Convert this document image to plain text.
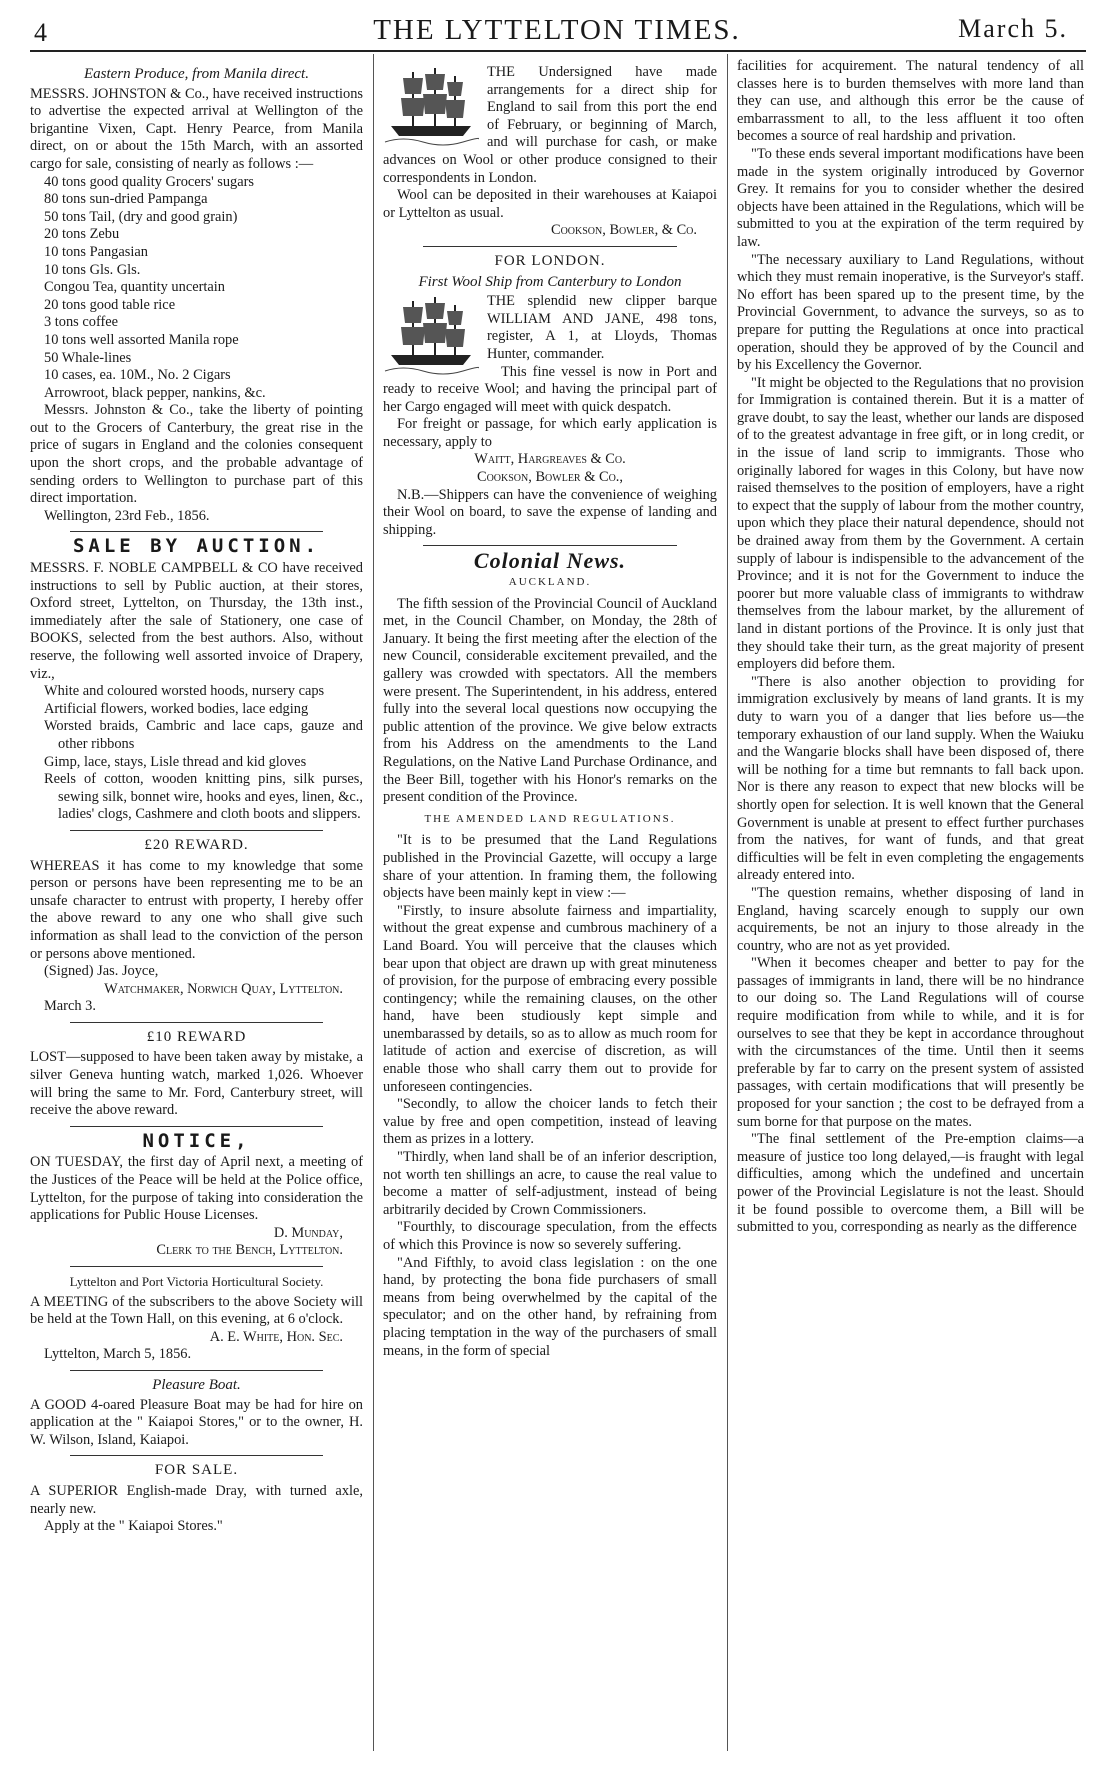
4	THE LYTTELTON TIMES.	March 5.
Eastern Produce, from Manila direct.

MESSRS. JOHNSTON & Co., have received instructions to advertise the expected arrival at Wellington of the brigantine Vixen, Capt. Henry Pearce, from Manila direct, on or about the 15th March, with an assorted cargo for sale, consisting of nearly as follows :—

40 tons good quality Grocers' sugars

80 tons sun-dried Pampanga

50 tons Tail, (dry and good grain)

20 tons Zebu

10 tons Pangasian

10 tons Gls. Gls.

Congou Tea, quantity uncertain

20 tons good table rice

3 tons coffee

10 tons well assorted Manila rope

50 Whale-lines

10 cases, ea. 10M., No. 2 Cigars

Arrowroot, black pepper, nankins, &c.

Messrs. Johnston & Co., take the liberty of pointing out to the Grocers of Canterbury, the great rise in the price of sugars in England and the colonies consequent upon the short crops, and the probable advantage of sending orders to Wellington to purchase part of this direct importation.

Wellington, 23rd Feb., 1856.

SALE BY AUCTION.

MESSRS. F. NOBLE CAMPBELL & CO have received instructions to sell by Public auction, at their stores, Oxford street, Lyttelton, on Thursday, the 13th inst., immediately after the sale of Stationery, one case of BOOKS, selected from the best authors. Also, without reserve, the following well assorted invoice of Drapery, viz.,

White and coloured worsted hoods, nursery caps

Artificial flowers, worked bodies, lace edging

Worsted braids, Cambric and lace caps, gauze and other ribbons

Gimp, lace, stays, Lisle thread and kid gloves

Reels of cotton, wooden knitting pins, silk purses, sewing silk, bonnet wire, hooks and eyes, linen, &c., ladies' clogs, Cashmere and cloth boots and slippers.

£20 REWARD.

WHEREAS it has come to my knowledge that some person or persons have been representing me to be an unsafe character to entrust with property, I hereby offer the above reward to any one who shall give such information as shall lead to the conviction of the person or persons above mentioned.

(Signed) Jas. Joyce,

Watchmaker, Norwich Quay, Lyttelton.

March 3.

£10 REWARD

LOST—supposed to have been taken away by mistake, a silver Geneva hunting watch, marked 1,026. Whoever will bring the same to Mr. Ford, Canterbury street, will receive the above reward.

NOTICE,

ON TUESDAY, the first day of April next, a meeting of the Justices of the Peace will be held at the Police office, Lyttelton, for the purpose of taking into consideration the applications for Public House Licenses.

D. Munday,

Clerk to the Bench, Lyttelton.

Lyttelton and Port Victoria Horticultural Society.

A MEETING of the subscribers to the above Society will be held at the Town Hall, on this evening, at 6 o'clock.

A. E. White, Hon. Sec.

Lyttelton, March 5, 1856.

Pleasure Boat.

A GOOD 4-oared Pleasure Boat may be had for hire on application at the " Kaiapoi Stores," or to the owner, H. W. Wilson, Island, Kaiapoi.

FOR SALE.

A SUPERIOR English-made Dray, with turned axle, nearly new.

Apply at the " Kaiapoi Stores."

THE Undersigned have made arrangements for a direct ship for England to sail from this port the end of February, or beginning of March, and will purchase for cash, or make advances on Wool or other produce consigned to their correspondents in London.

Wool can be deposited in their warehouses at Kaiapoi or Lyttelton as usual.

Cookson, Bowler, & Co.

FOR LONDON.
First Wool Ship from Canterbury to London

THE splendid new clipper barque WILLIAM AND JANE, 498 tons, register, A 1, at Lloyds, Thomas Hunter, commander.

This fine vessel is now in Port and ready to receive Wool; and having the principal part of her Cargo engaged will meet with quick despatch.

For freight or passage, for which early application is necessary, apply to

Waitt, Hargreaves & Co.

Cookson, Bowler & Co.,

N.B.—Shippers can have the convenience of weighing their Wool on board, to save the expense of landing and shipping.

Colonial News.
AUCKLAND.

The fifth session of the Provincial Council of Auckland met, in the Council Chamber, on Monday, the 28th of January. It being the first meeting after the election of the new Council, considerable excitement prevailed, and the gallery was crowded with spectators. All the members were present. The Superintendent, in his address, entered fully into the several local questions now occupying the public attention of the province. We give below extracts from his Address on the amendments to the Land Regulations, on the Native Land Purchase Ordinance, and the Beer Bill, together with his Honor's remarks on the present condition of the Province.

THE AMENDED LAND REGULATIONS.

"It is to be presumed that the Land Regulations published in the Provincial Gazette, will occupy a large share of your attention. In framing them, the following objects have been mainly kept in view :—

"Firstly, to insure absolute fairness and impartiality, without the great expense and cumbrous machinery of a Land Board. You will perceive that the clauses which bear upon that object are drawn up with great minuteness of provision, for the purpose of embracing every possible contingency; while the remaining clauses, on the other hand, have been studiously kept simple and unembarassed by details, so as to allow as much room for latitude of action and exercise of discretion, as will enable those who shall carry them out to provide for unforeseen contingencies.

"Secondly, to allow the choicer lands to fetch their value by free and open competition, instead of leaving them as prizes in a lottery.

"Thirdly, when land shall be of an inferior description, not worth ten shillings an acre, to cause the real value to become a matter of self-adjustment, instead of being arbitrarily decided by Crown Commissioners.

"Fourthly, to discourage speculation, from the effects of which this Province is now so severely suffering.

"And Fifthly, to avoid class legislation : on the one hand, by protecting the bona fide purchasers of small means from being overwhelmed by the capital of the speculator; and on the other hand, by refraining from placing temptation in the way of the purchasers of small means, in the form of special

facilities for acquirement. The natural tendency of all classes here is to burden themselves with more land than they can use, and although this error be the cause of embarrassment to all, to the less affluent it too often becomes a source of real hardship and privation.

"To these ends several important modifications have been made in the system originally introduced by Governor Grey. It remains for you to consider whether the desired objects have been attained in the Regulations, which will be submitted to you at the expiration of the term required by law.

"The necessary auxiliary to Land Regulations, without which they must remain inoperative, is the Surveyor's staff. No effort has been spared up to the present time, by the Provincial Government, to advance the surveys, so as to prepare for putting the Regulations at once into practical operation, should they be approved of by the Council and by his Excellency the Governor.

"It might be objected to the Regulations that no provision for Immigration is contained therein. But it is a matter of grave doubt, to say the least, whether our lands are disposed of to the greatest advantage in free gift, or in long credit, or in the issue of land scrip to immigrants. Those who originally labored for wages in this Colony, but have now raised themselves to the position of employers, have a right to expect that the supply of labour from the mother country, upon which they place their natural dependence, should not be drained away from them by the Government. A certain supply of labour is indispensible to the advancement of the Province; and it is not for the Government to induce the poorer but more valuable class of immigrants to withdraw themselves from the labour market, by the allurement of land in distant portions of the Province. It is only just that they should take their turn, as the great majority of present employers did before them.

"There is also another objection to providing for immigration exclusively by means of land grants. It is my duty to warn you of a danger that lies before us—the temporary exhaustion of our land supply. When the Waiuku and the Wangarie blocks shall have been disposed of, there will be nothing for a time but remnants to fall back upon. Nor is there any reason to expect that new blocks will be shortly open for selection. It is well known that the General Government is unable at present to effect further purchases from the natives, for want of funds, and that great difficulties will be felt in even completing the engagements already entered into.

"The question remains, whether disposing of land in England, having scarcely enough to supply our own acquirements, be not an injury to those already in the country, who are not as yet provided.

"When it becomes cheaper and better to pay for the passages of immigrants in land, there will be no hindrance to our doing so. The Land Regulations will of course require modification from while to while, and it is for ourselves to see that they be kept in accordance throughout with the circumstances of the time. Until then it seems preferable by far to carry on the present system of assisted passages, with certain modifications that will presently be proposed for your sanction ; the cost to be defrayed from a sum borne for that purpose on the mates.

"The final settlement of the Pre-emption claims—a measure of justice too long delayed,—is fraught with legal difficulties, among which the undefined and uncertain power of the Provincial Legislature is not the least. Should it be found possible to overcome them, a Bill will be submitted to you, corresponding as nearly as the difference
